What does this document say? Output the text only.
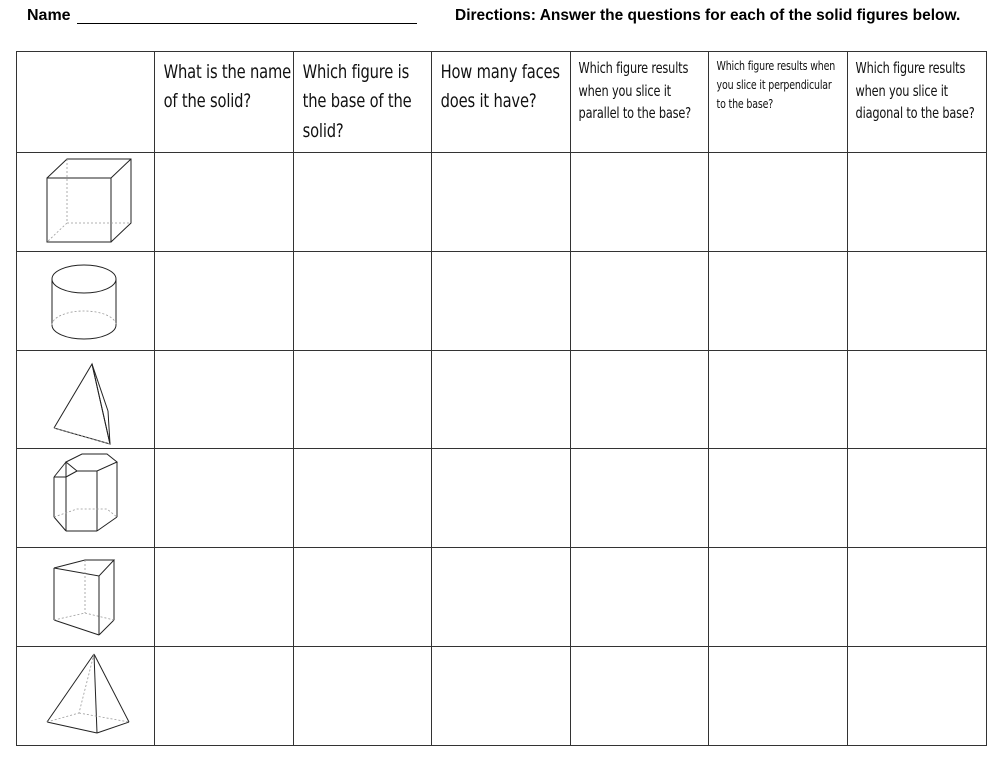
Name	Directions: Answer the questions for each of the solid figures below.

	What is the name of the solid?	Which figure is the base of the solid?	How many faces does it have?	Which figure results when you slice it parallel to the base?	Which figure results when you slice it perpendicular to the base?	Which figure results when you slice it diagonal to the base?
